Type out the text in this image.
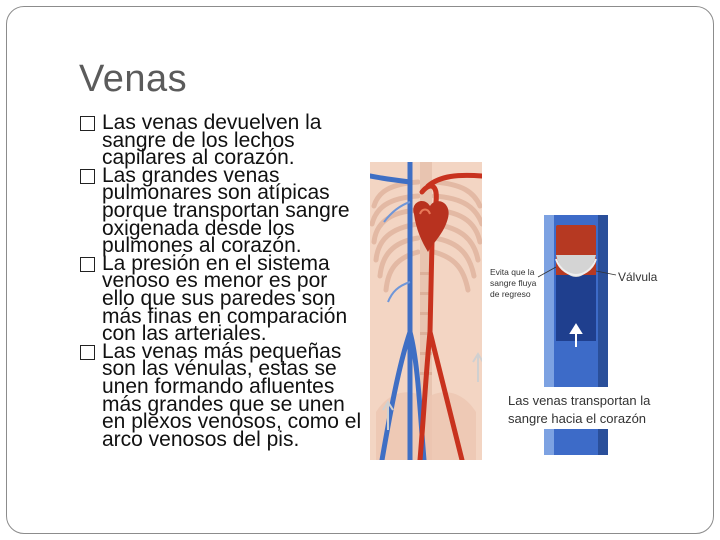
Venas
Las venas devuelven la sangre de los lechos capilares al corazón.
Las grandes venas pulmonares son atípicas porque transportan sangre oxigenada desde los pulmones al corazón.
La presión en el sistema venoso es menor es por ello que sus paredes son más finas en comparación con las arteriales.
Las venas más pequeñas son las vénulas, estas se unen formando afluentes más grandes que se unen en plexos venosos, como el arco venosos del pis.
Evita que la
sangre fluya
de regreso
Válvula
Las venas transportan la
sangre hacia el corazón
